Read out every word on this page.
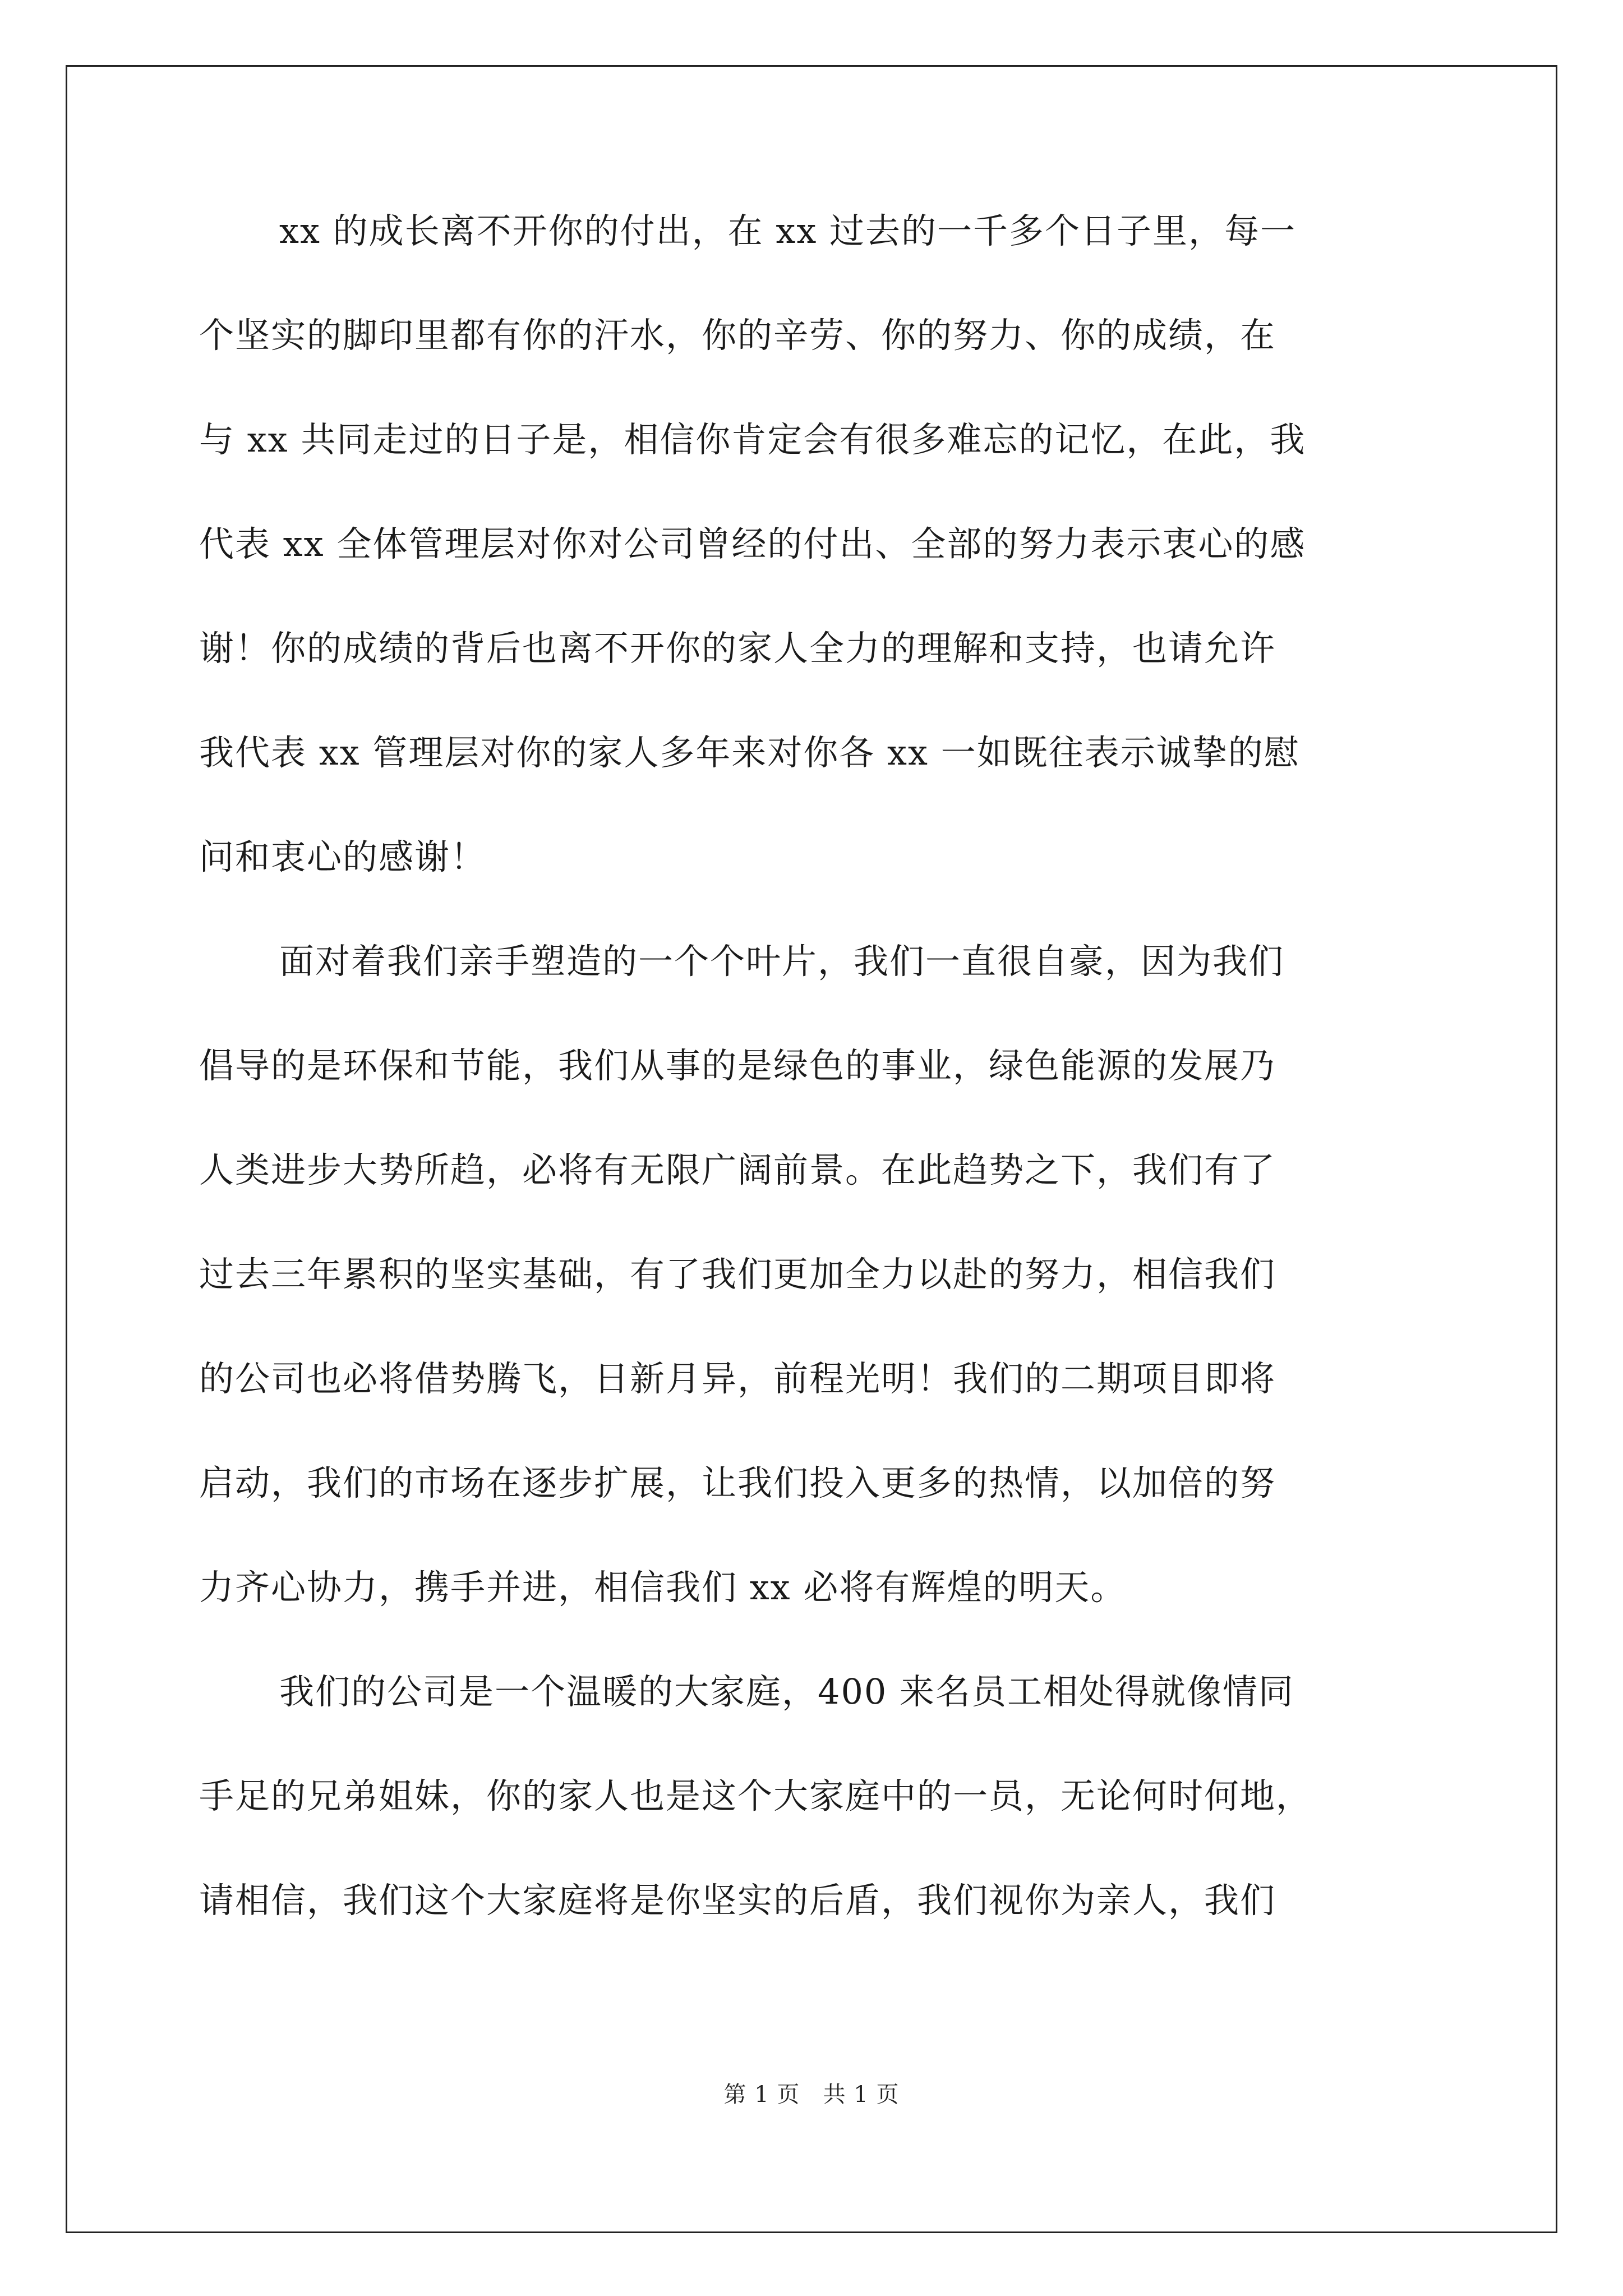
xx 的成长离不开你的付出，在 xx 过去的一千多个日子里，每一
个坚实的脚印里都有你的汗水，你的辛劳、你的努力、你的成绩，在
与 xx 共同走过的日子是，相信你肯定会有很多难忘的记忆，在此，我
代表 xx 全体管理层对你对公司曾经的付出、全部的努力表示衷心的感
谢！你的成绩的背后也离不开你的家人全力的理解和支持，也请允许
我代表 xx 管理层对你的家人多年来对你各 xx 一如既往表示诚挚的慰
问和衷心的感谢！
面对着我们亲手塑造的一个个叶片，我们一直很自豪，因为我们
倡导的是环保和节能，我们从事的是绿色的事业，绿色能源的发展乃
人类进步大势所趋，必将有无限广阔前景。在此趋势之下，我们有了
过去三年累积的坚实基础，有了我们更加全力以赴的努力，相信我们
的公司也必将借势腾飞，日新月异，前程光明！我们的二期项目即将
启动，我们的市场在逐步扩展，让我们投入更多的热情，以加倍的努
力齐心协力，携手并进，相信我们 xx 必将有辉煌的明天。
我们的公司是一个温暖的大家庭，400 来名员工相处得就像情同
手足的兄弟姐妹，你的家人也是这个大家庭中的一员，无论何时何地，
请相信，我们这个大家庭将是你坚实的后盾，我们视你为亲人，我们
第 1 页 共 1 页
